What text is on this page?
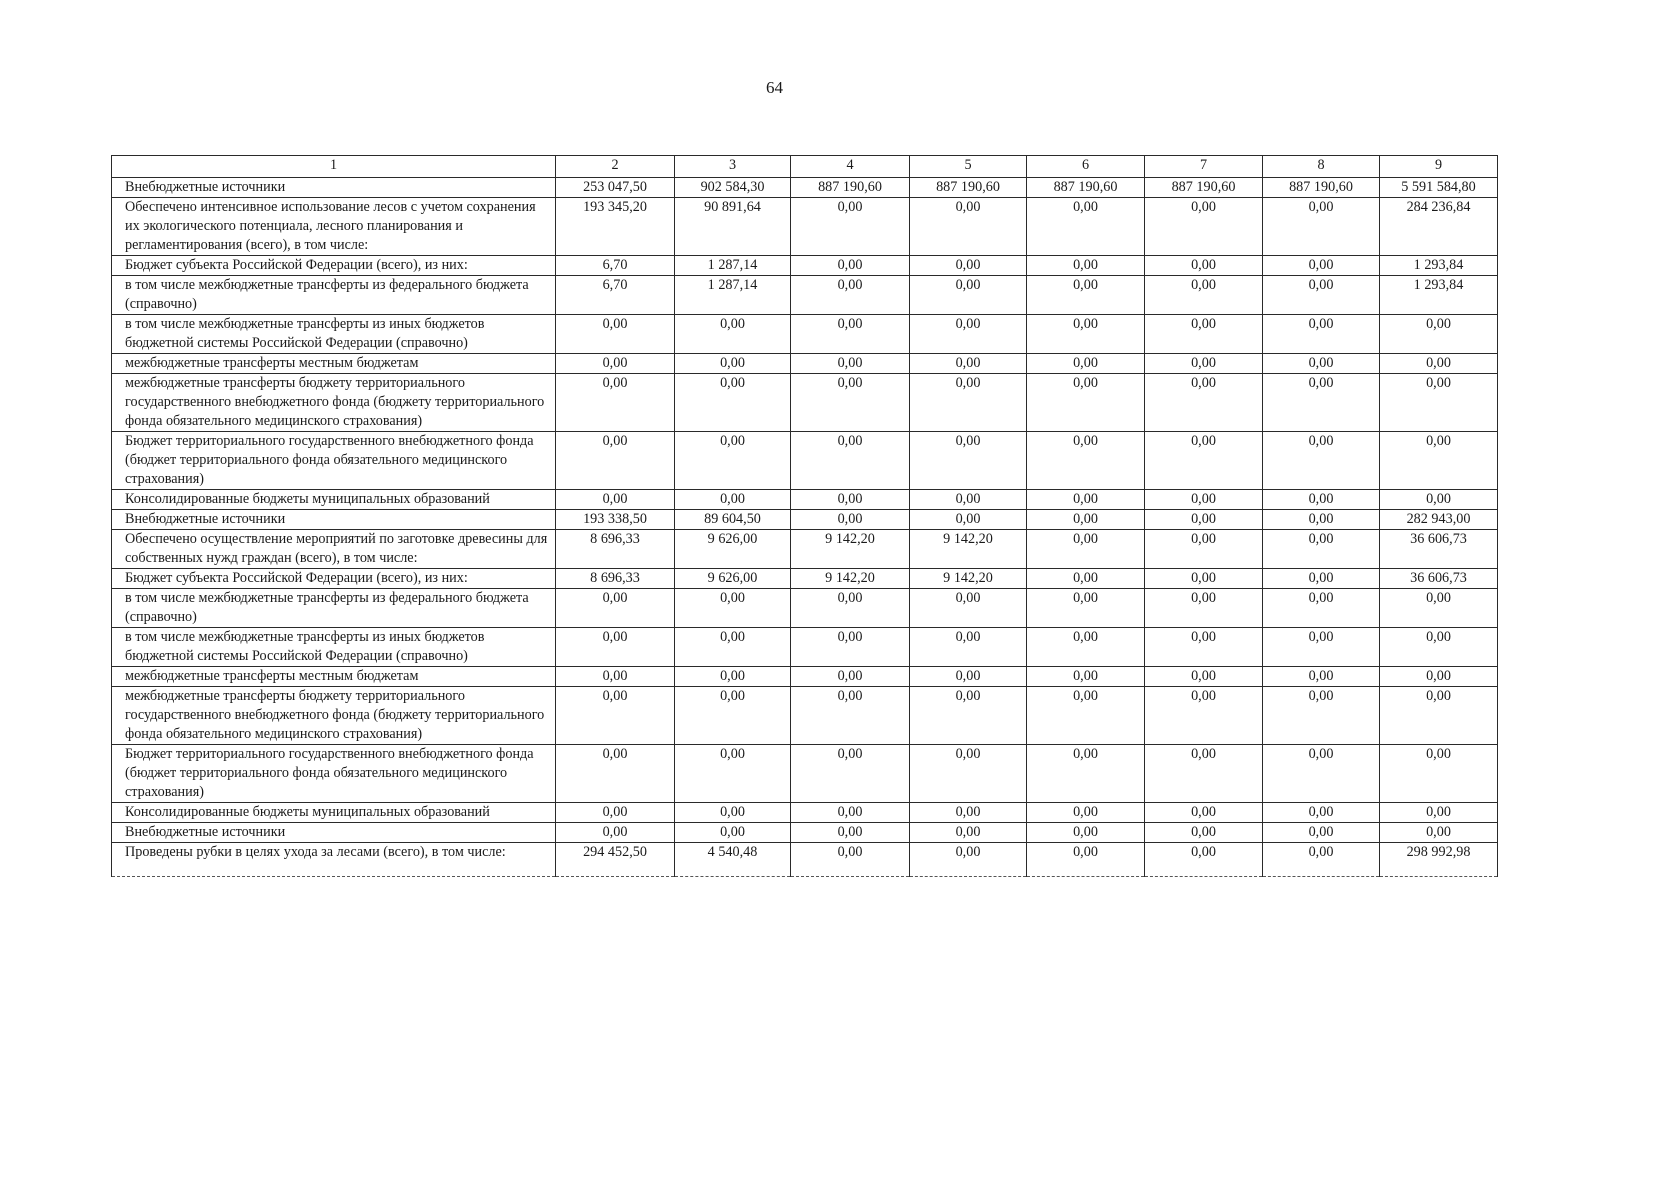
64
1	2	3	4	5	6	7	8	9
Внебюджетные источники	253 047,50	902 584,30	887 190,60	887 190,60	887 190,60	887 190,60	887 190,60	5 591 584,80
Обеспечено интенсивное использование лесов с учетом сохранения их экологического потенциала, лесного планирования и регламентирования (всего), в том числе:	193 345,20	90 891,64	0,00	0,00	0,00	0,00	0,00	284 236,84
Бюджет субъекта Российской Федерации (всего), из них:	6,70	1 287,14	0,00	0,00	0,00	0,00	0,00	1 293,84
в том числе межбюджетные трансферты из федерального бюджета (справочно)	6,70	1 287,14	0,00	0,00	0,00	0,00	0,00	1 293,84
в том числе межбюджетные трансферты из иных бюджетов бюджетной системы Российской Федерации (справочно)	0,00	0,00	0,00	0,00	0,00	0,00	0,00	0,00
межбюджетные трансферты местным бюджетам	0,00	0,00	0,00	0,00	0,00	0,00	0,00	0,00
межбюджетные трансферты бюджету территориального государственного внебюджетного фонда (бюджету территориального фонда обязательного медицинского страхования)	0,00	0,00	0,00	0,00	0,00	0,00	0,00	0,00
Бюджет территориального государственного внебюджетного фонда (бюджет территориального фонда обязательного медицинского страхования)	0,00	0,00	0,00	0,00	0,00	0,00	0,00	0,00
Консолидированные бюджеты муниципальных образований	0,00	0,00	0,00	0,00	0,00	0,00	0,00	0,00
Внебюджетные источники	193 338,50	89 604,50	0,00	0,00	0,00	0,00	0,00	282 943,00
Обеспечено осуществление мероприятий по заготовке древесины для собственных нужд граждан (всего), в том числе:	8 696,33	9 626,00	9 142,20	9 142,20	0,00	0,00	0,00	36 606,73
Бюджет субъекта Российской Федерации (всего), из них:	8 696,33	9 626,00	9 142,20	9 142,20	0,00	0,00	0,00	36 606,73
в том числе межбюджетные трансферты из федерального бюджета (справочно)	0,00	0,00	0,00	0,00	0,00	0,00	0,00	0,00
в том числе межбюджетные трансферты из иных бюджетов бюджетной системы Российской Федерации (справочно)	0,00	0,00	0,00	0,00	0,00	0,00	0,00	0,00
межбюджетные трансферты местным бюджетам	0,00	0,00	0,00	0,00	0,00	0,00	0,00	0,00
межбюджетные трансферты бюджету территориального государственного внебюджетного фонда (бюджету территориального фонда обязательного медицинского страхования)	0,00	0,00	0,00	0,00	0,00	0,00	0,00	0,00
Бюджет территориального государственного внебюджетного фонда (бюджет территориального фонда обязательного медицинского страхования)	0,00	0,00	0,00	0,00	0,00	0,00	0,00	0,00
Консолидированные бюджеты муниципальных образований	0,00	0,00	0,00	0,00	0,00	0,00	0,00	0,00
Внебюджетные источники	0,00	0,00	0,00	0,00	0,00	0,00	0,00	0,00
Проведены рубки в целях ухода за лесами (всего), в том числе:	294 452,50	4 540,48	0,00	0,00	0,00	0,00	0,00	298 992,98
